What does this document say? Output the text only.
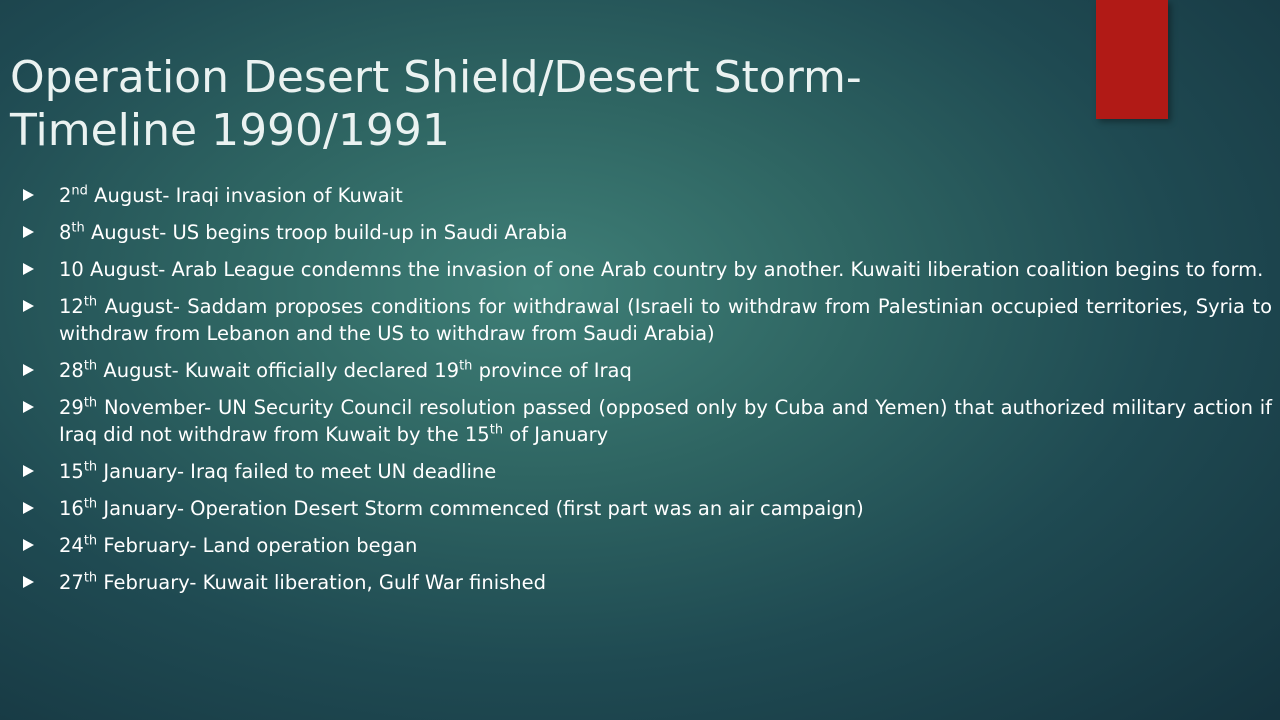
Operation Desert Shield/Desert Storm-
Timeline 1990/1991
2nd August- Iraqi invasion of Kuwait
8th August- US begins troop build-up in Saudi Arabia
10 August- Arab League condemns the invasion of one Arab country by another. Kuwaiti liberation coalition begins to form.
12th August- Saddam proposes conditions for withdrawal (Israeli to withdraw from Palestinian occupied territories, Syria to withdraw from Lebanon and the US to withdraw from Saudi Arabia)
28th August- Kuwait officially declared 19th province of Iraq
29th November- UN Security Council resolution passed (opposed only by Cuba and Yemen) that authorized military action if Iraq did not withdraw from Kuwait by the 15th of January
15th January- Iraq failed to meet UN deadline
16th January- Operation Desert Storm commenced (first part was an air campaign)
24th February- Land operation began
27th February- Kuwait liberation, Gulf War finished
